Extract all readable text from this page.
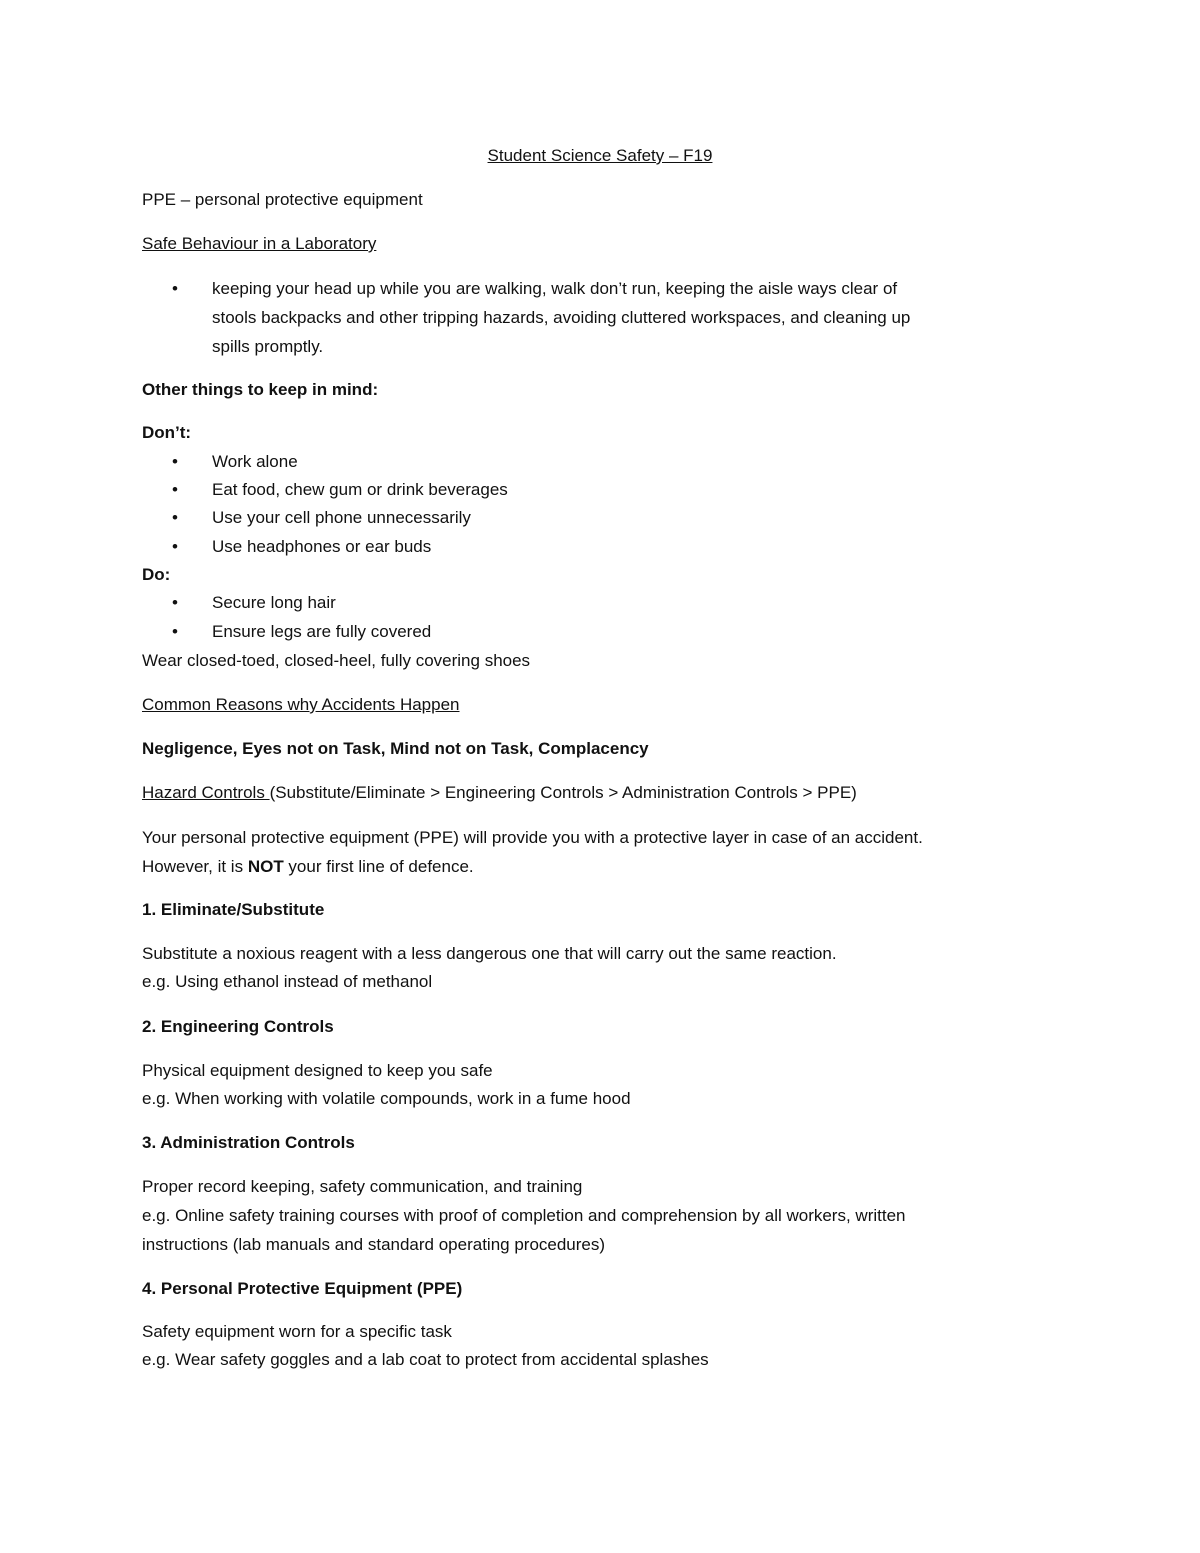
Student Science Safety – F19
PPE – personal protective equipment
Safe Behaviour in a Laboratory
• keeping your head up while you are walking, walk don’t run, keeping the aisle ways clear of
stools backpacks and other tripping hazards, avoiding cluttered workspaces, and cleaning up
spills promptly.
Other things to keep in mind:
Don’t:
• Work alone
• Eat food, chew gum or drink beverages
• Use your cell phone unnecessarily
• Use headphones or ear buds
Do:
• Secure long hair
• Ensure legs are fully covered
Wear closed-toed, closed-heel, fully covering shoes
Common Reasons why Accidents Happen
Negligence, Eyes not on Task, Mind not on Task, Complacency
Hazard Controls (Substitute/Eliminate > Engineering Controls > Administration Controls > PPE)
Your personal protective equipment (PPE) will provide you with a protective layer in case of an accident.
However, it is NOT your first line of defence.
1. Eliminate/Substitute
Substitute a noxious reagent with a less dangerous one that will carry out the same reaction.
e.g. Using ethanol instead of methanol
2. Engineering Controls
Physical equipment designed to keep you safe
e.g. When working with volatile compounds, work in a fume hood
3. Administration Controls
Proper record keeping, safety communication, and training
e.g. Online safety training courses with proof of completion and comprehension by all workers, written
instructions (lab manuals and standard operating procedures)
4. Personal Protective Equipment (PPE)
Safety equipment worn for a specific task
e.g. Wear safety goggles and a lab coat to protect from accidental splashes
